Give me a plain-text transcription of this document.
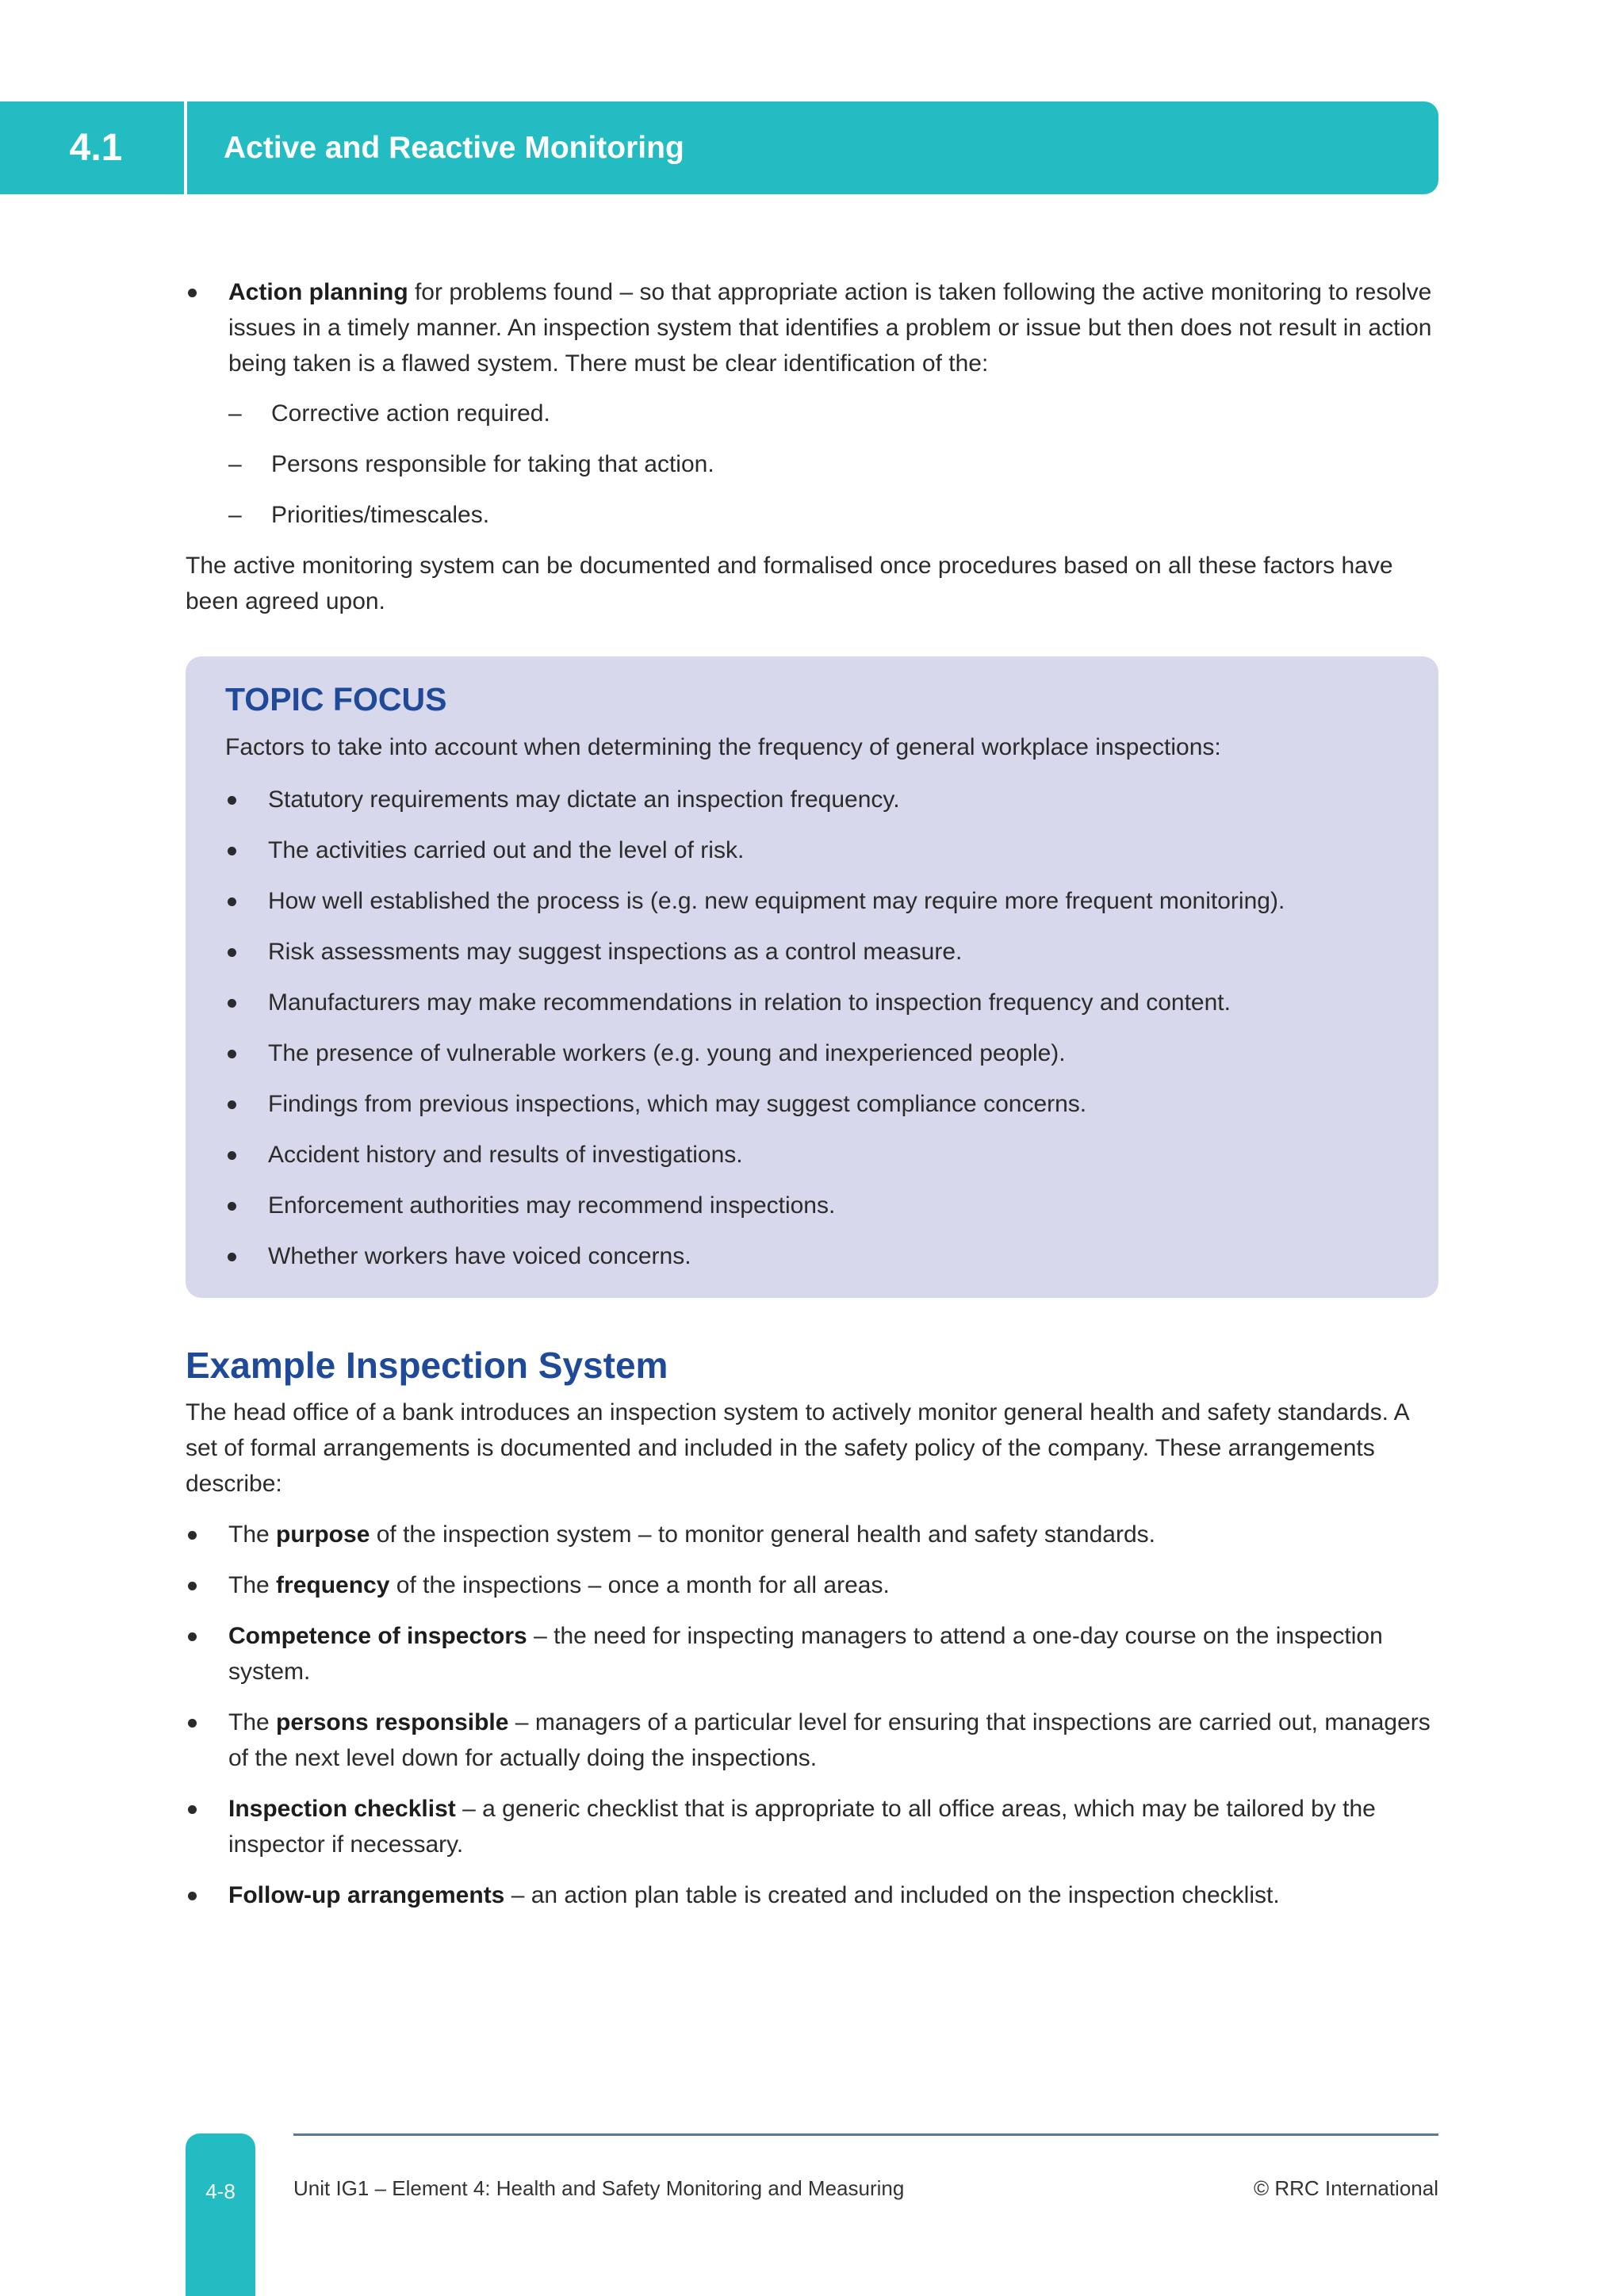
4.1	Active and Reactive Monitoring
Action planning for problems found – so that appropriate action is taken following the active monitoring to resolve issues in a timely manner. An inspection system that identifies a problem or issue but then does not result in action being taken is a flawed system. There must be clear identification of the:
– Corrective action required.
– Persons responsible for taking that action.
– Priorities/timescales.

The active monitoring system can be documented and formalised once procedures based on all these factors have been agreed upon.

TOPIC FOCUS

Factors to take into account when determining the frequency of general workplace inspections:

Statutory requirements may dictate an inspection frequency.
The activities carried out and the level of risk.
How well established the process is (e.g. new equipment may require more frequent monitoring).
Risk assessments may suggest inspections as a control measure.
Manufacturers may make recommendations in relation to inspection frequency and content.
The presence of vulnerable workers (e.g. young and inexperienced people).
Findings from previous inspections, which may suggest compliance concerns.
Accident history and results of investigations.
Enforcement authorities may recommend inspections.
Whether workers have voiced concerns.
Example Inspection System

The head office of a bank introduces an inspection system to actively monitor general health and safety standards. A set of formal arrangements is documented and included in the safety policy of the company. These arrangements describe:

The purpose of the inspection system – to monitor general health and safety standards.
The frequency of the inspections – once a month for all areas.
Competence of inspectors – the need for inspecting managers to attend a one-day course on the inspection system.
The persons responsible – managers of a particular level for ensuring that inspections are carried out, managers of the next level down for actually doing the inspections.
Inspection checklist – a generic checklist that is appropriate to all office areas, which may be tailored by the inspector if necessary.
Follow-up arrangements – an action plan table is created and included on the inspection checklist.
4-8	Unit IG1 – Element 4: Health and Safety Monitoring and Measuring	© RRC International
